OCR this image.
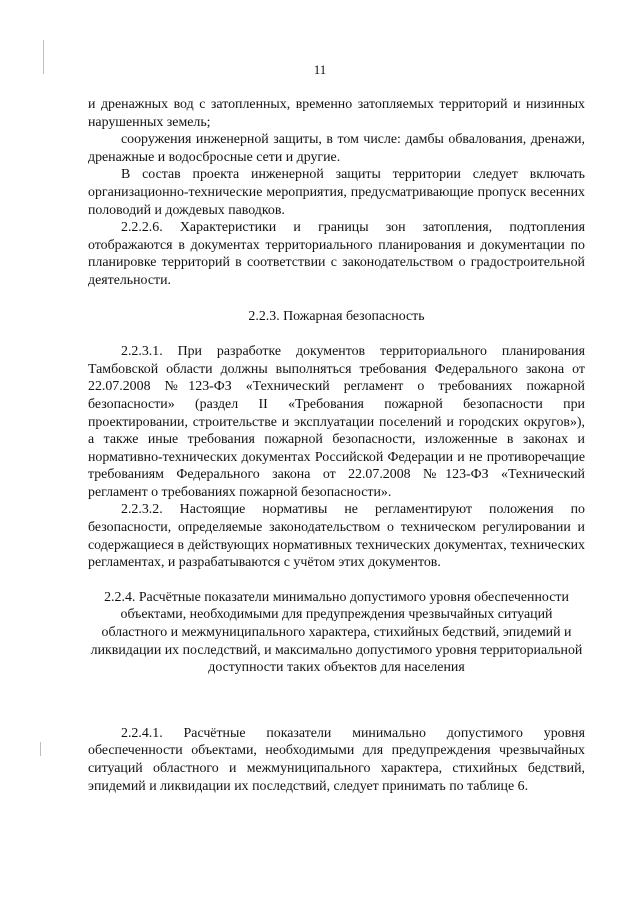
11

и дренажных вод с затопленных, временно затопляемых территорий и низинных нарушенных земель;

сооружения инженерной защиты, в том числе: дамбы обвалования, дренажи, дренажные и водосбросные сети и другие.

В состав проекта инженерной защиты территории следует включать организационно-технические мероприятия, предусматривающие пропуск весенних половодий и дождевых паводков.

2.2.2.6. Характеристики и границы зон затопления, подтопления отображаются в документах территориального планирования и документации по планировке территорий в соответствии с законодательством о градостроительной деятельности.

2.2.3. Пожарная безопасность

2.2.3.1. При разработке документов территориального планирования Тамбовской области должны выполняться требования Федерального закона от 22.07.2008 №123-ФЗ «Технический регламент о требованиях пожарной безопасности» (раздел II «Требования пожарной безопасности при проектировании, строительстве и эксплуатации поселений и городских округов»), а также иные требования пожарной безопасности, изложенные в законах и нормативно-технических документах Российской Федерации и не противоречащие требованиям Федерального закона от 22.07.2008 №123-ФЗ «Технический регламент о требованиях пожарной безопасности».

2.2.3.2. Настоящие нормативы не регламентируют положения по безопасности, определяемые законодательством о техническом регулировании и содержащиеся в действующих нормативных технических документах, технических регламентах, и разрабатываются с учётом этих документов.

2.2.4. Расчётные показатели минимально допустимого уровня обеспеченности объектами, необходимыми для предупреждения чрезвычайных ситуаций областного и межмуниципального характера, стихийных бедствий, эпидемий и ликвидации их последствий, и максимально допустимого уровня территориальной доступности таких объектов для населения

2.2.4.1. Расчётные показатели минимально допустимого уровня обеспеченности объектами, необходимыми для предупреждения чрезвычайных ситуаций областного и межмуниципального характера, стихийных бедствий, эпидемий и ликвидации их последствий, следует принимать по таблице 6.
